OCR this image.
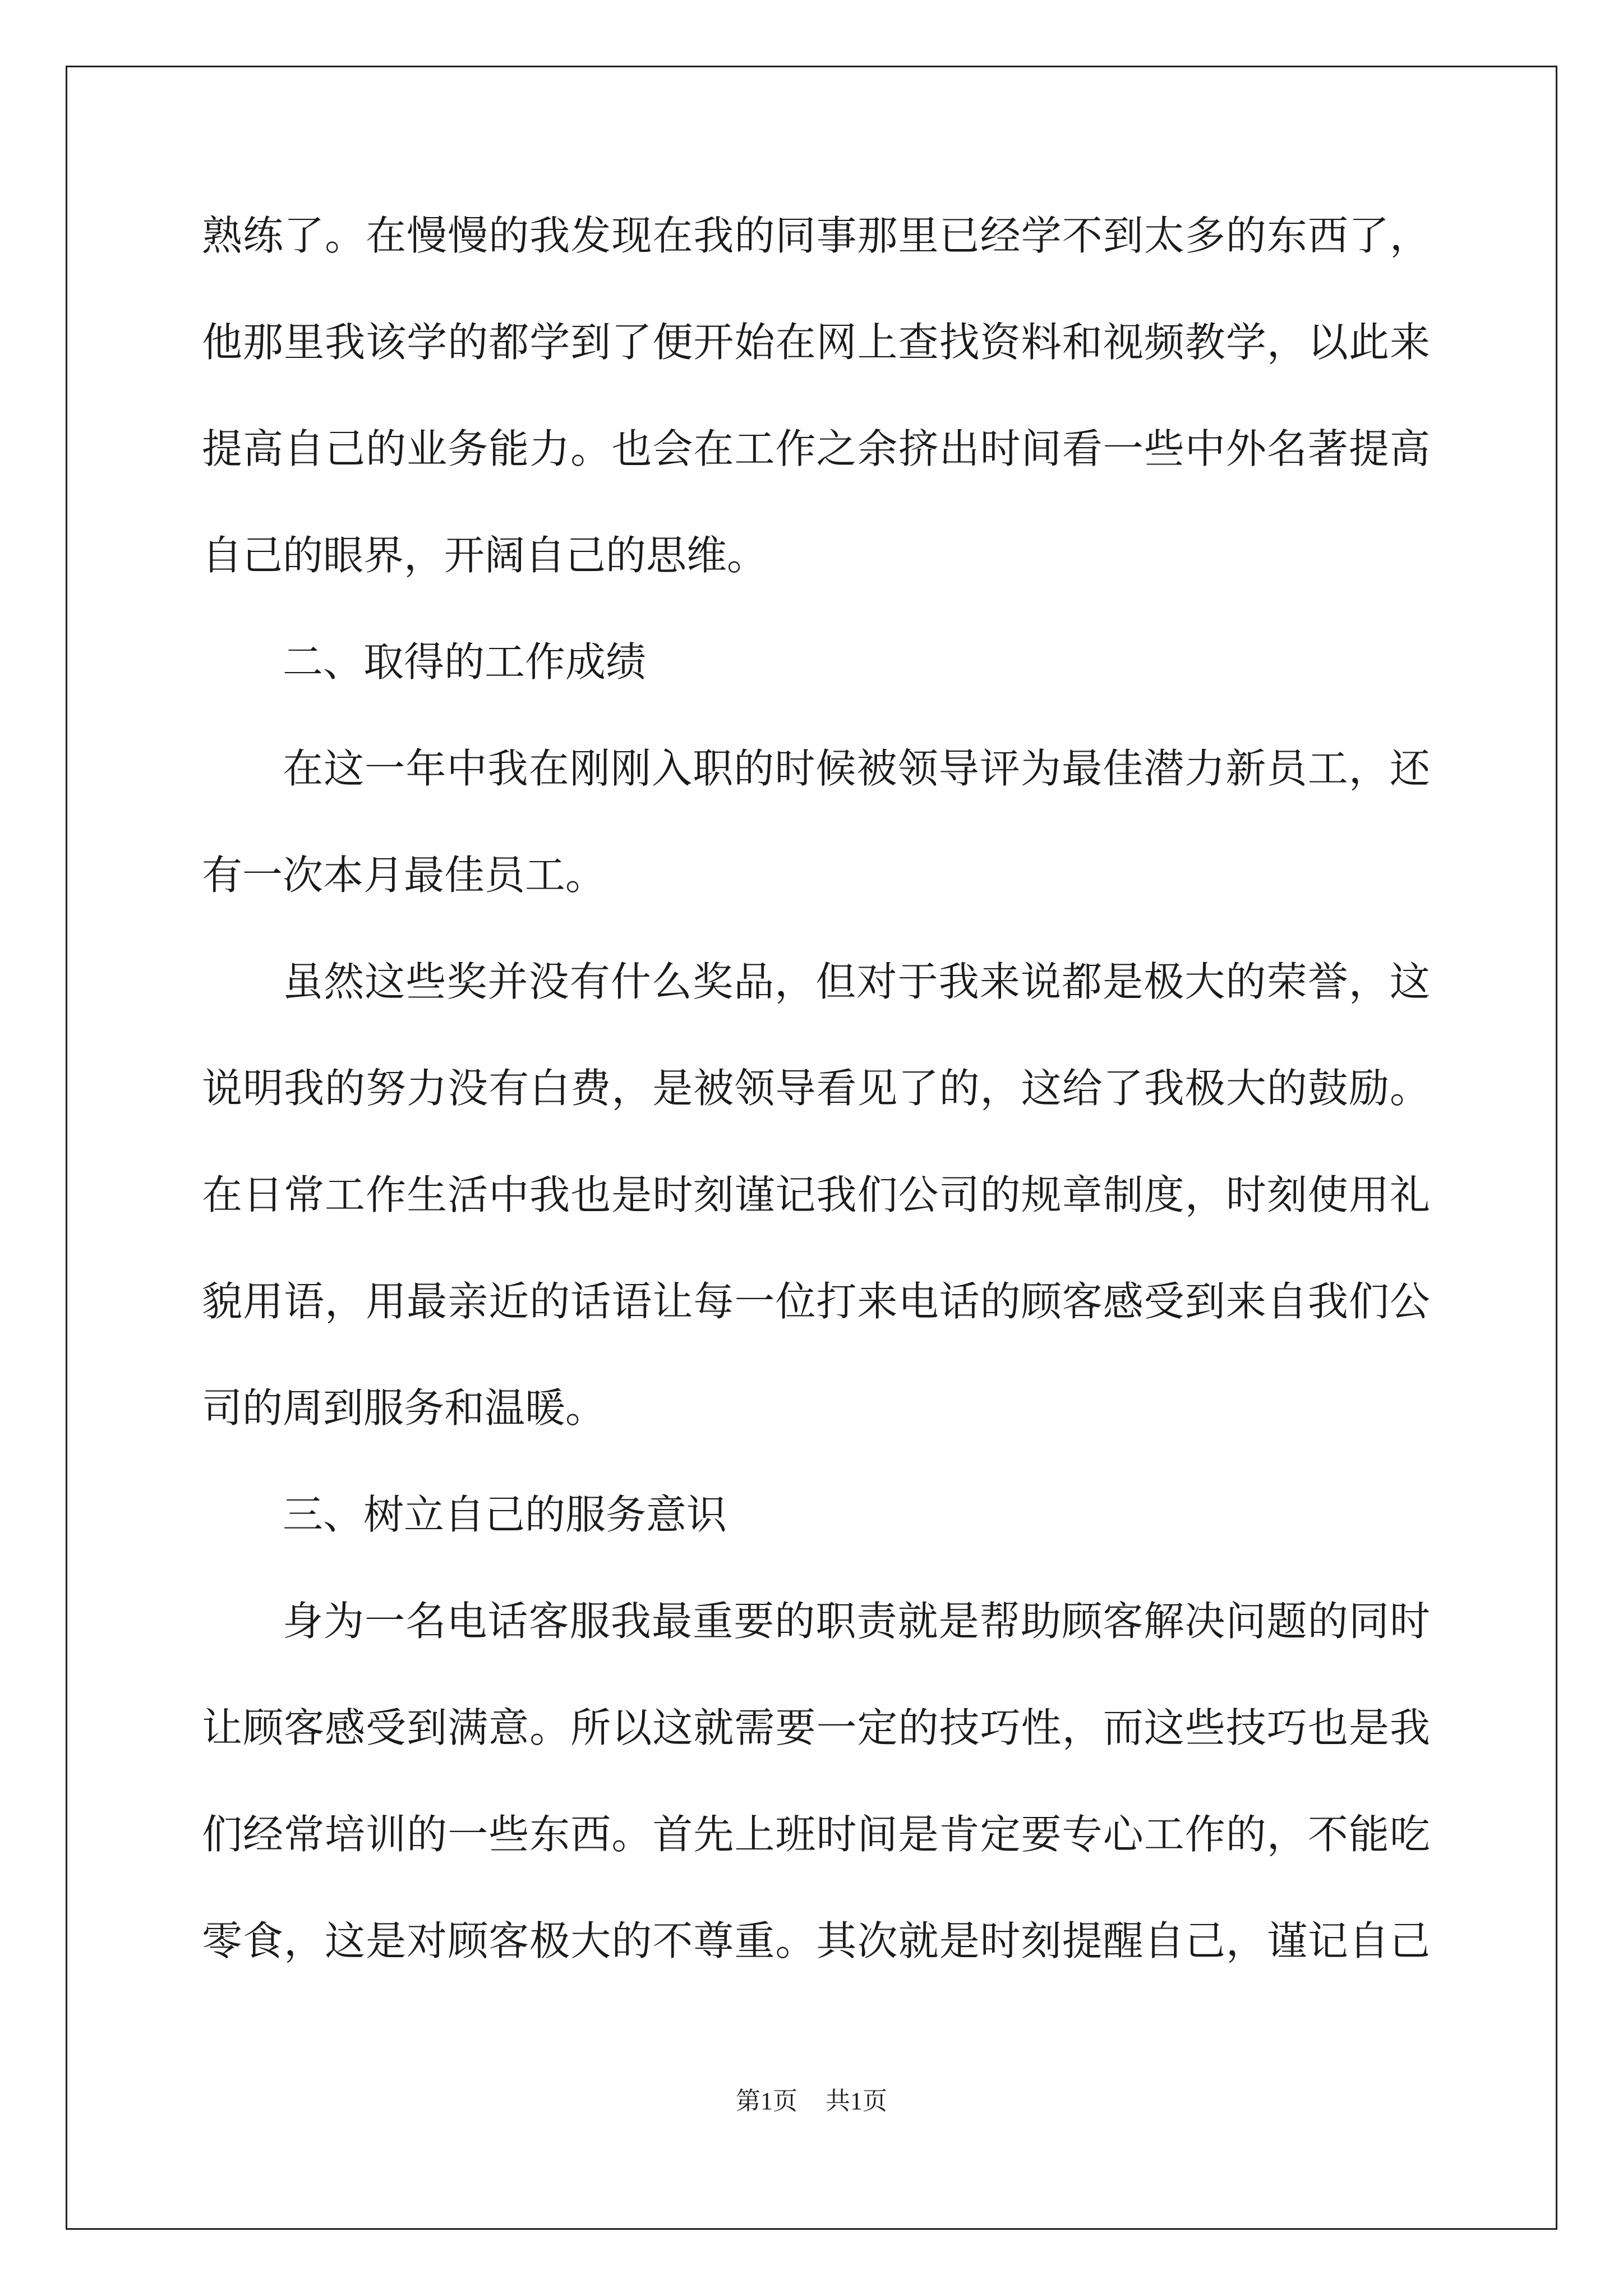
熟练了。在慢慢的我发现在我的同事那里已经学不到太多的东西了，
他那里我该学的都学到了便开始在网上查找资料和视频教学，以此来
提高自己的业务能力。也会在工作之余挤出时间看一些中外名著提高
自己的眼界，开阔自己的思维。
二、取得的工作成绩
在这一年中我在刚刚入职的时候被领导评为最佳潜力新员工，还
有一次本月最佳员工。
虽然这些奖并没有什么奖品，但对于我来说都是极大的荣誉，这
说明我的努力没有白费，是被领导看见了的，这给了我极大的鼓励。
在日常工作生活中我也是时刻谨记我们公司的规章制度，时刻使用礼
貌用语，用最亲近的话语让每一位打来电话的顾客感受到来自我们公
司的周到服务和温暖。
三、树立自己的服务意识
身为一名电话客服我最重要的职责就是帮助顾客解决问题的同时
让顾客感受到满意。所以这就需要一定的技巧性，而这些技巧也是我
们经常培训的一些东西。首先上班时间是肯定要专心工作的，不能吃
零食，这是对顾客极大的不尊重。其次就是时刻提醒自己，谨记自己
第1页 共1页
